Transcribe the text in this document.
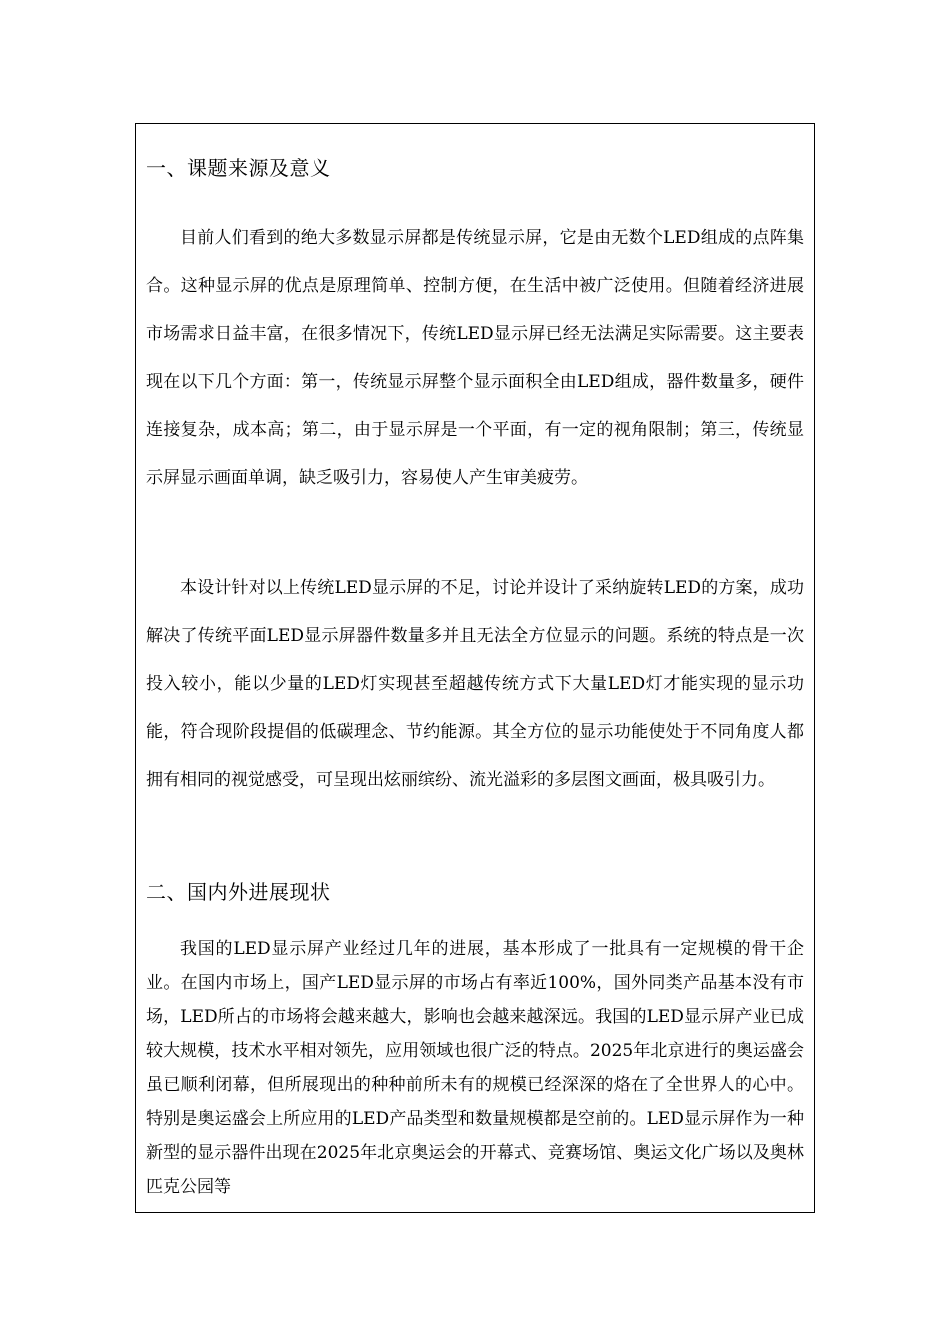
一、课题来源及意义

目前人们看到的绝大多数显示屏都是传统显示屏，它是由无数个LED组成的点阵集合。这种显示屏的优点是原理简单、控制方便，在生活中被广泛使用。但随着经济进展市场需求日益丰富，在很多情况下，传统LED显示屏已经无法满足实际需要。这主要表现在以下几个方面：第一，传统显示屏整个显示面积全由LED组成，器件数量多，硬件连接复杂，成本高；第二，由于显示屏是一个平面，有一定的视角限制；第三，传统显示屏显示画面单调，缺乏吸引力，容易使人产生审美疲劳。

本设计针对以上传统LED显示屏的不足，讨论并设计了采纳旋转LED的方案，成功解决了传统平面LED显示屏器件数量多并且无法全方位显示的问题。系统的特点是一次投入较小，能以少量的LED灯实现甚至超越传统方式下大量LED灯才能实现的显示功能，符合现阶段提倡的低碳理念、节约能源。其全方位的显示功能使处于不同角度人都拥有相同的视觉感受，可呈现出炫丽缤纷、流光溢彩的多层图文画面，极具吸引力。

二、国内外进展现状

我国的LED显示屏产业经过几年的进展，基本形成了一批具有一定规模的骨干企业。在国内市场上，国产LED显示屏的市场占有率近100%，国外同类产品基本没有市场，LED所占的市场将会越来越大，影响也会越来越深远。我国的LED显示屏产业已成较大规模，技术水平相对领先，应用领域也很广泛的特点。2025年北京进行的奥运盛会虽已顺利闭幕，但所展现出的种种前所未有的规模已经深深的烙在了全世界人的心中。特别是奥运盛会上所应用的LED产品类型和数量规模都是空前的。LED显示屏作为一种新型的显示器件出现在2025年北京奥运会的开幕式、竞赛场馆、奥运文化广场以及奥林匹克公园等
